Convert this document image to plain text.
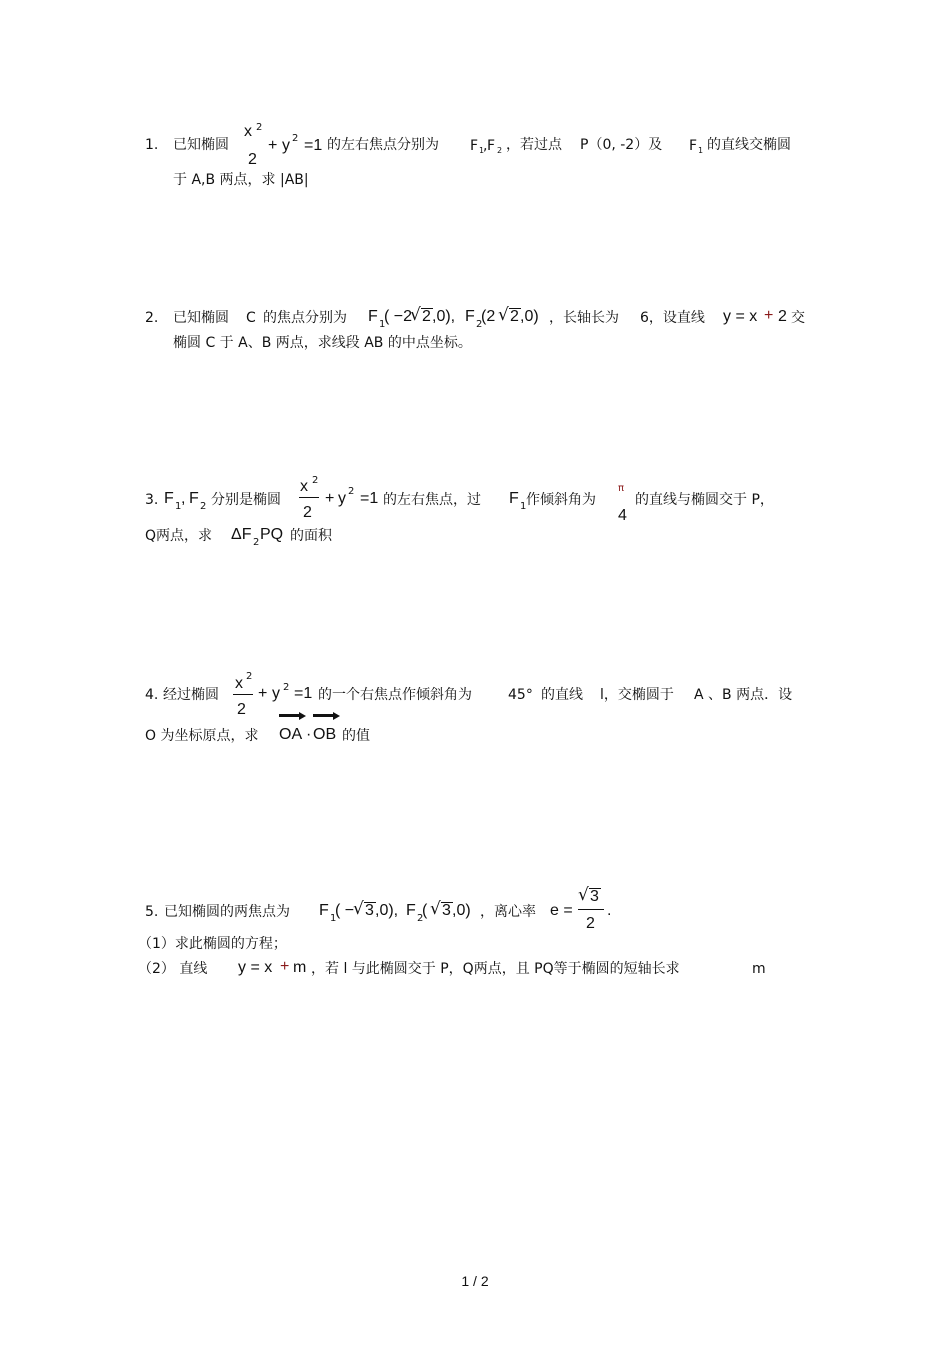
1. 已知椭圆
x 2
2
+ y 2 =1 的左右焦点分别为 F 1
, F 2 ，若过点 P（0, -2）及 F 1 的直线交椭圆
于 A,B 两点，求 |AB|
2. 已知椭圆 C 的焦点分别为 F 1
( −2
√ 2 ,0), F 2
(2 √ 2 ,0) ，长轴长为 6，设直线 y = x + 2 交
椭圆 C 于 A、B 两点，求线段 AB 的中点坐标。
3. F 1 , F 2 分别是椭圆
x 2
2
+ y 2 =1 的左右焦点，过 F 1 作倾斜角为
π
4
的直线与椭圆交于 P，
Q两点，求 ΔF 2 PQ 的面积
4. 经过椭圆
x 2
2
+ y 2 =1 的一个右焦点作倾斜角为	45° 的直线 l，交椭圆于 A 、B 两点．设
O 为坐标原点，求 OA · OB 的值
5. 已知椭圆的两焦点为 F 1
( −
√ 3 ,0), F 2
( √ 3 ,0) ，离心率 e =
√ 3
2
.
（1）求此椭圆的方程；
（2） 直线 y = x + m ，若 l 与此椭圆交于 P，Q两点，且 PQ等于椭圆的短轴长求	m
1 / 2
